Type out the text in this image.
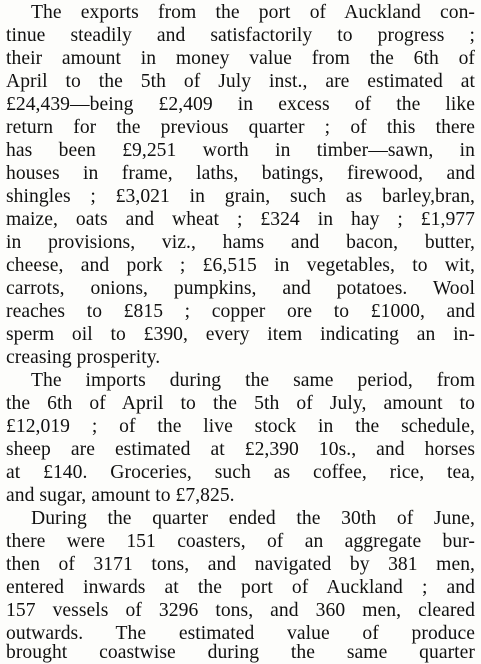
The exports from the port of Auckland con-
tinue steadily and satisfactorily to progress ;
their amount in money value from the 6th of
April to the 5th of July inst., are estimated at
£24,439—being £2,409 in excess of the like
return for the previous quarter ; of this there
has been £9,251 worth in timber—sawn, in
houses in frame, laths, batings, firewood, and
shingles ; £3,021 in grain, such as barley,bran,
maize, oats and wheat ; £324 in hay ; £1,977
in provisions, viz., hams and bacon, butter,
cheese, and pork ; £6,515 in vegetables, to wit,
carrots, onions, pumpkins, and potatoes. Wool
reaches to £815 ; copper ore to £1000, and
sperm oil to £390, every item indicating an in-
creasing prosperity.
The imports during the same period, from
the 6th of April to the 5th of July, amount to
£12,019 ; of the live stock in the schedule,
sheep are estimated at £2,390 10s., and horses
at £140. Groceries, such as coffee, rice, tea,
and sugar, amount to £7,825.
During the quarter ended the 30th of June,
there were 151 coasters, of an aggregate bur-
then of 3171 tons, and navigated by 381 men,
entered inwards at the port of Auckland ; and
157 vessels of 3296 tons, and 360 men, cleared
outwards. The estimated value of produce
brought coastwise during the same quarter
